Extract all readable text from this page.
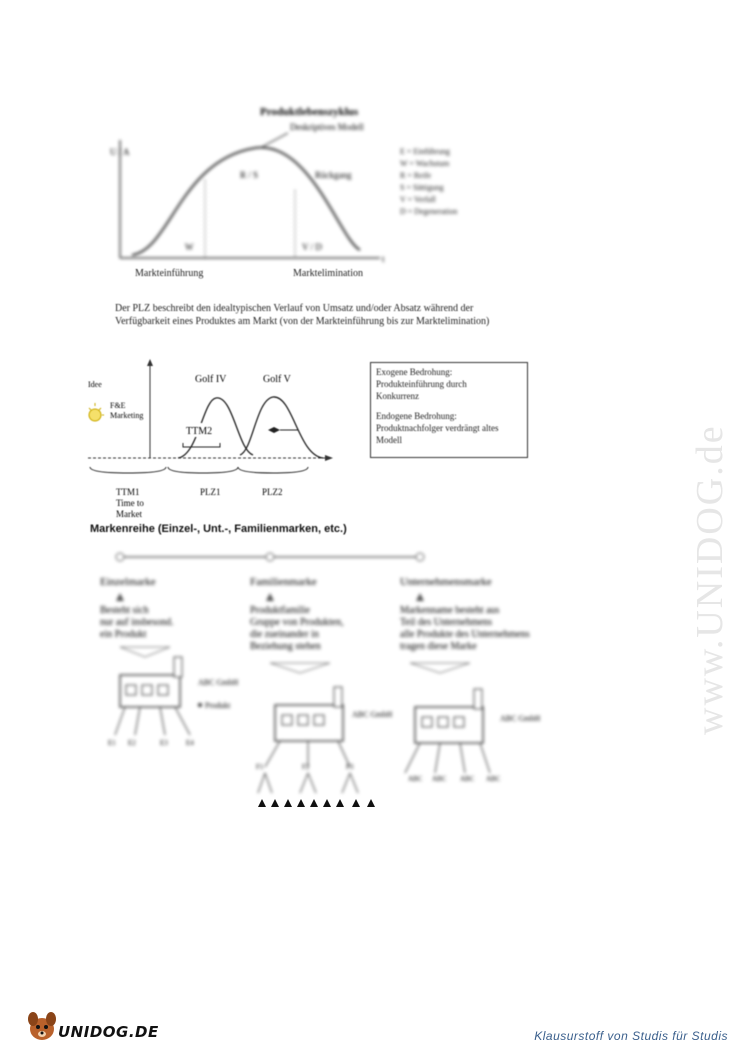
Produktlebenszyklus
U / A
t
Deskriptives Modell
Rückgang
R / S
W	V / D
Markteinführung	Marktelimination
E = Einführung
W = Wachstum
R = Reife
S = Sättigung
V = Verfall
D = Degeneration
Der PLZ beschreibt den idealtypischen Verlauf von Umsatz und/oder Absatz während der
Verfügbarkeit eines Produktes am Markt (von der Markteinführung bis zur Marktelimination)
Idee
F&E
Marketing
Golf IV	Golf V
TTM2
TTM1
Time to
Market
PLZ1	PLZ2
Exogene Bedrohung:
Produkteinführung durch
Konkurrenz
Endogene Bedrohung:
Produktnachfolger verdrängt altes
Modell
Markenreihe (Einzel-, Unt.-, Familienmarken, etc.)
Einzelmarke
Besteht sich
nur auf insbesond.
ein Produkt
ABC GmbH
Produkt
E1 E2	E3	E4
Familienmarke
Produktfamilie
Gruppe von Produkten,
die zueinander in
Beziehung stehen
ABC GmbH
F1	F2	F3
Unternehmensmarke
Markenname besteht aus
Teil des Unternehmens
alle Produkte des Unternehmens
tragen diese Marke
ABC GmbH
ABC ABC ABC ABC
www.UNIDOG.de
UNIDOG.DE	Klausurstoff von Studis für Studis
